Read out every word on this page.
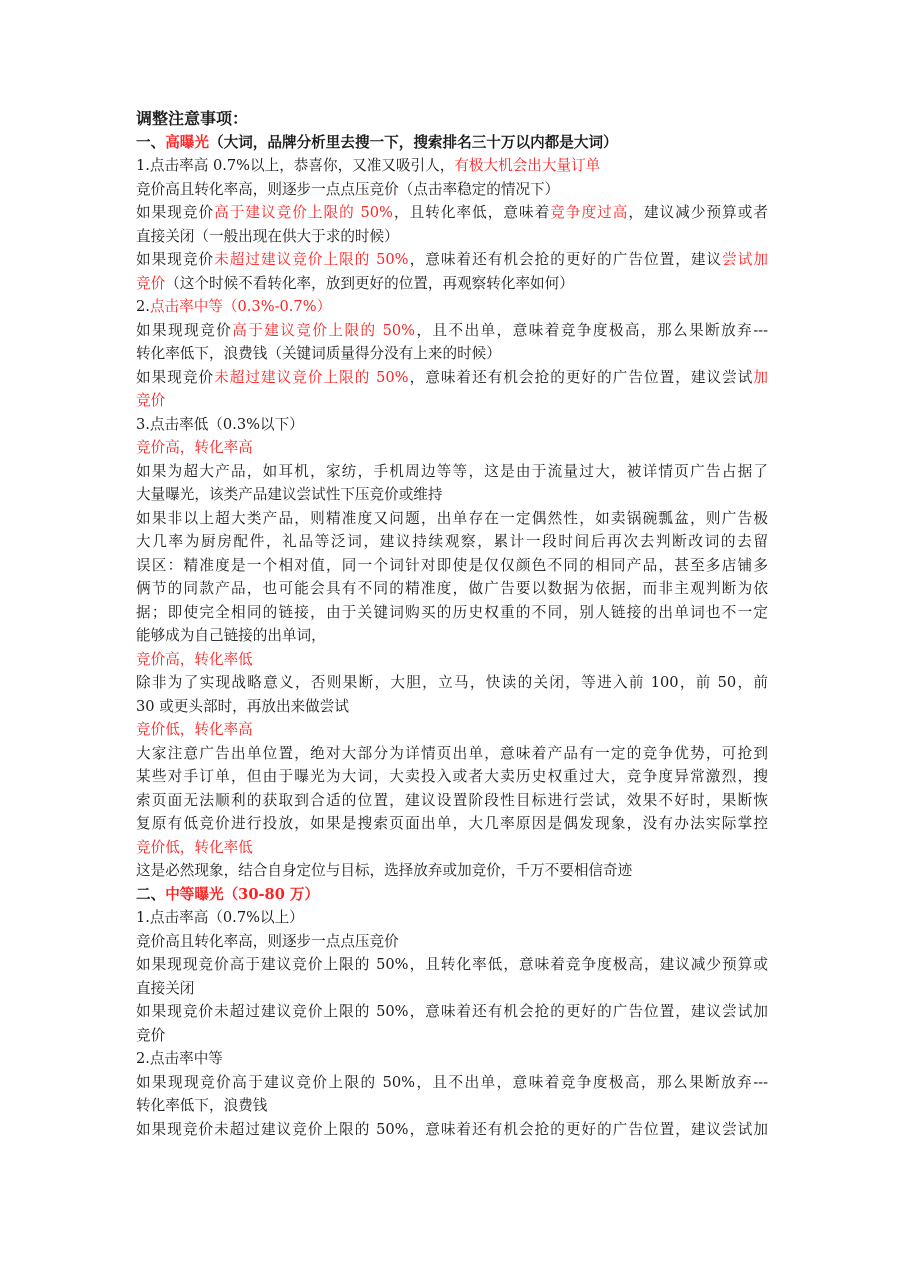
调整注意事项：
一、高曝光（大词，品牌分析里去搜一下，搜索排名三十万以内都是大词）
1.点击率高 0.7%以上，恭喜你，又准又吸引人，有极大机会出大量订单
竞价高且转化率高，则逐步一点点压竞价（点击率稳定的情况下）
如果现竞价高于建议竞价上限的 50%，且转化率低，意味着竞争度过高，建议减少预算或者
直接关闭（一般出现在供大于求的时候）
如果现竞价未超过建议竞价上限的 50%，意味着还有机会抢的更好的广告位置，建议尝试加
竞价（这个时候不看转化率，放到更好的位置，再观察转化率如何）
2.点击率中等（0.3%-0.7%）
如果现现竞价高于建议竞价上限的 50%，且不出单，意味着竞争度极高，那么果断放弃---
转化率低下，浪费钱（关键词质量得分没有上来的时候）
如果现竞价未超过建议竞价上限的 50%，意味着还有机会抢的更好的广告位置，建议尝试加
竞价
3.点击率低（0.3%以下）
竞价高，转化率高
如果为超大产品，如耳机，家纺，手机周边等等，这是由于流量过大，被详情页广告占据了
大量曝光，该类产品建议尝试性下压竞价或维持
如果非以上超大类产品，则精准度又问题，出单存在一定偶然性，如卖锅碗瓢盆，则广告极
大几率为厨房配件，礼品等泛词，建议持续观察，累计一段时间后再次去判断改词的去留
误区：精准度是一个相对值，同一个词针对即使是仅仅颜色不同的相同产品，甚至多店铺多
俩节的同款产品，也可能会具有不同的精准度，做广告要以数据为依据，而非主观判断为依
据；即使完全相同的链接，由于关键词购买的历史权重的不同，别人链接的出单词也不一定
能够成为自己链接的出单词，
竞价高，转化率低
除非为了实现战略意义，否则果断，大胆，立马，快读的关闭，等进入前 100，前 50，前
30 或更头部时，再放出来做尝试
竞价低，转化率高
大家注意广告出单位置，绝对大部分为详情页出单，意味着产品有一定的竞争优势，可抢到
某些对手订单，但由于曝光为大词，大卖投入或者大卖历史权重过大，竞争度异常激烈，搜
索页面无法顺利的获取到合适的位置，建议设置阶段性目标进行尝试，效果不好时，果断恢
复原有低竞价进行投放，如果是搜索页面出单，大几率原因是偶发现象，没有办法实际掌控
竞价低，转化率低
这是必然现象，结合自身定位与目标，选择放弃或加竞价，千万不要相信奇迹
二、中等曝光（30-80 万）
1.点击率高（0.7%以上）
竞价高且转化率高，则逐步一点点压竞价
如果现现竞价高于建议竞价上限的 50%，且转化率低，意味着竞争度极高，建议减少预算或
直接关闭
如果现竞价未超过建议竞价上限的 50%，意味着还有机会抢的更好的广告位置，建议尝试加
竞价
2.点击率中等
如果现现竞价高于建议竞价上限的 50%，且不出单，意味着竞争度极高，那么果断放弃---
转化率低下，浪费钱
如果现竞价未超过建议竞价上限的 50%，意味着还有机会抢的更好的广告位置，建议尝试加
